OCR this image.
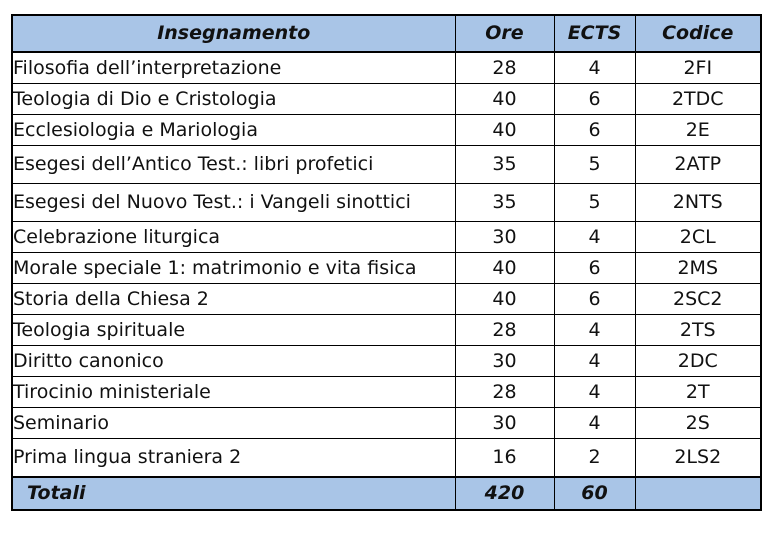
Insegnamento	Ore	ECTS	Codice
Filosofia dell’interpretazione	28	4	2FI
Teologia di Dio e Cristologia	40	6	2TDC
Ecclesiologia e Mariologia	40	6	2E
Esegesi dell’Antico Test.: libri profetici	35	5	2ATP
Esegesi del Nuovo Test.: i Vangeli sinottici	35	5	2NTS
Celebrazione liturgica	30	4	2CL
Morale speciale 1: matrimonio e vita fisica	40	6	2MS
Storia della Chiesa 2	40	6	2SC2
Teologia spirituale	28	4	2TS
Diritto canonico	30	4	2DC
Tirocinio ministeriale	28	4	2T
Seminario	30	4	2S
Prima lingua straniera 2	16	2	2LS2
Totali	420	60	
